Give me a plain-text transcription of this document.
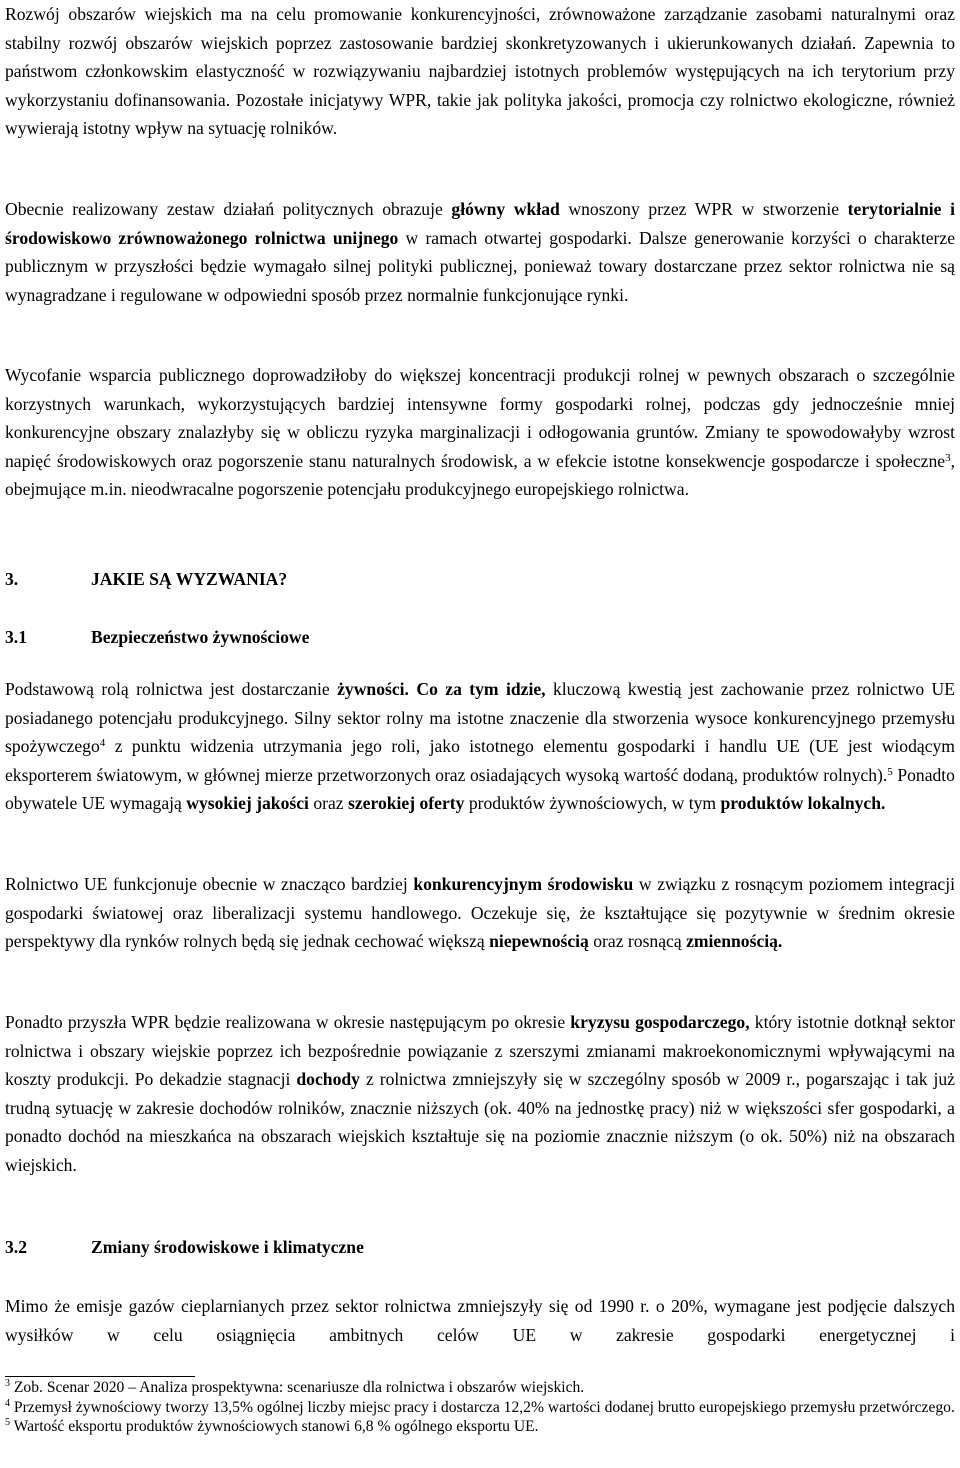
Rozwój obszarów wiejskich ma na celu promowanie konkurencyjności, zrównoważone zarządzanie zasobami naturalnymi oraz stabilny rozwój obszarów wiejskich poprzez zastosowanie bardziej skonkretyzowanych i ukierunkowanych działań. Zapewnia to państwom członkowskim elastyczność w rozwiązywaniu najbardziej istotnych problemów występujących na ich terytorium przy wykorzystaniu dofinansowania. Pozostałe inicjatywy WPR, takie jak polityka jakości, promocja czy rolnictwo ekologiczne, również wywierają istotny wpływ na sytuację rolników.

Obecnie realizowany zestaw działań politycznych obrazuje główny wkład wnoszony przez WPR w stworzenie terytorialnie i środowiskowo zrównoważonego rolnictwa unijnego w ramach otwartej gospodarki. Dalsze generowanie korzyści o charakterze publicznym w przyszłości będzie wymagało silnej polityki publicznej, ponieważ towary dostarczane przez sektor rolnictwa nie są wynagradzane i regulowane w odpowiedni sposób przez normalnie funkcjonujące rynki.

Wycofanie wsparcia publicznego doprowadziłoby do większej koncentracji produkcji rolnej w pewnych obszarach o szczególnie korzystnych warunkach, wykorzystujących bardziej intensywne formy gospodarki rolnej, podczas gdy jednocześnie mniej konkurencyjne obszary znalazłyby się w obliczu ryzyka marginalizacji i odłogowania gruntów. Zmiany te spowodowałyby wzrost napięć środowiskowych oraz pogorszenie stanu naturalnych środowisk, a w efekcie istotne konsekwencje gospodarcze i społeczne$^3$, obejmujące m.in. nieodwracalne pogorszenie potencjału produkcyjnego europejskiego rolnictwa.

3.	JAKIE SĄ WYZWANIA?
3.1	Bezpieczeństwo żywnościowe

Podstawową rolą rolnictwa jest dostarczanie żywności. Co za tym idzie, kluczową kwestią jest zachowanie przez rolnictwo UE posiadanego potencjału produkcyjnego. Silny sektor rolny ma istotne znaczenie dla stworzenia wysoce konkurencyjnego przemysłu spożywczego$^4$ z punktu widzenia utrzymania jego roli, jako istotnego elementu gospodarki i handlu UE (UE jest wiodącym eksporterem światowym, w głównej mierze przetworzonych oraz osiadających wysoką wartość dodaną, produktów rolnych).$^5$ Ponadto obywatele UE wymagają wysokiej jakości oraz szerokiej oferty produktów żywnościowych, w tym produktów lokalnych.

Rolnictwo UE funkcjonuje obecnie w znacząco bardziej konkurencyjnym środowisku w związku z rosnącym poziomem integracji gospodarki światowej oraz liberalizacji systemu handlowego. Oczekuje się, że kształtujące się pozytywnie w średnim okresie perspektywy dla rynków rolnych będą się jednak cechować większą niepewnością oraz rosnącą zmiennością.

Ponadto przyszła WPR będzie realizowana w okresie następującym po okresie kryzysu gospodarczego, który istotnie dotknął sektor rolnictwa i obszary wiejskie poprzez ich bezpośrednie powiązanie z szerszymi zmianami makroekonomicznymi wpływającymi na koszty produkcji. Po dekadzie stagnacji dochody z rolnictwa zmniejszyły się w szczególny sposób w 2009 r., pogarszając i tak już trudną sytuację w zakresie dochodów rolników, znacznie niższych (ok. 40% na jednostkę pracy) niż w większości sfer gospodarki, a ponadto dochód na mieszkańca na obszarach wiejskich kształtuje się na poziomie znacznie niższym (o ok. 50%) niż na obszarach wiejskich.

3.2	Zmiany środowiskowe i klimatyczne

Mimo że emisje gazów cieplarnianych przez sektor rolnictwa zmniejszyły się od 1990 r. o 20%, wymagane jest podjęcie dalszych wysiłków w celu osiągnięcia ambitnych celów UE w zakresie gospodarki energetycznej i

$^3$ Zob. Scenar 2020 – Analiza prospektywna: scenariusze dla rolnictwa i obszarów wiejskich.

$^4$ Przemysł żywnościowy tworzy 13,5% ogólnej liczby miejsc pracy i dostarcza 12,2% wartości dodanej brutto europejskiego przemysłu przetwórczego.

$^5$ Wartość eksportu produktów żywnościowych stanowi 6,8 % ogólnego eksportu UE.
